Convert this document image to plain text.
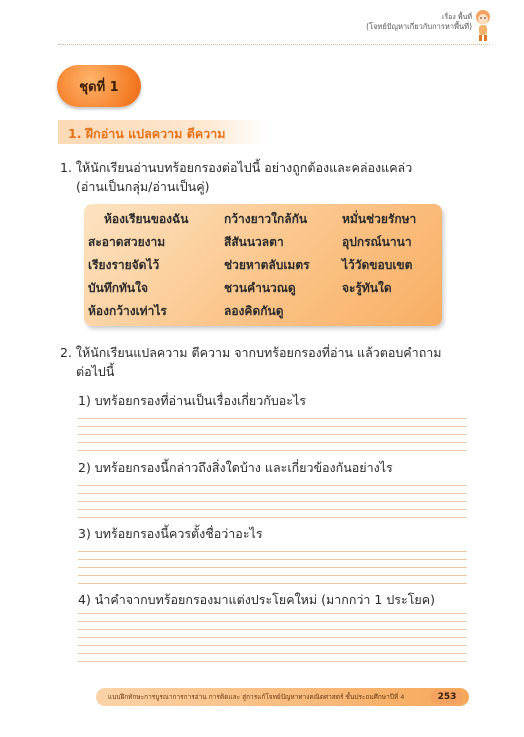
เรื่อง พื้นที่
(โจทย์ปัญหาเกี่ยวกับการหาพื้นที่)
ชุดที่ 1
1. ฝึกอ่าน แปลความ ตีความ
1. ให้นักเรียนอ่านบทร้อยกรองต่อไปนี้ อย่างถูกต้องและคล่องแคล่ว
(อ่านเป็นกลุ่ม/อ่านเป็นคู่)
ห้องเรียนของฉัน	กว้างยาวใกล้กัน	หมั่นช่วยรักษา
สะอาดสวยงาม	สีสันนวลตา	อุปกรณ์นานา
เรียงรายจัดไว้	ช่วยหาตลับเมตร	ไว้วัดขอบเขต
บันทึกทันใจ	ชวนคำนวณดู	จะรู้ทันใด
ห้องกว้างเท่าไร	ลองคิดกันดู
2. ให้นักเรียนแปลความ ตีความ จากบทร้อยกรองที่อ่าน แล้วตอบคำถาม
ต่อไปนี้
1) บทร้อยกรองที่อ่านเป็นเรื่องเกี่ยวกับอะไร
2) บทร้อยกรองนี้กล่าวถึงสิ่งใดบ้าง และเกี่ยวข้องกันอย่างไร
3) บทร้อยกรองนี้ควรตั้งชื่อว่าอะไร
4) นำคำจากบทร้อยกรองมาแต่งประโยคใหม่ (มากกว่า 1 ประโยค)
แบบฝึกทักษะการบูรณาการการอ่าน การคิดและ สู่การแก้โจทย์ปัญหาทางคณิตศาสตร์ ชั้นประถมศึกษาปีที่ 4	253
